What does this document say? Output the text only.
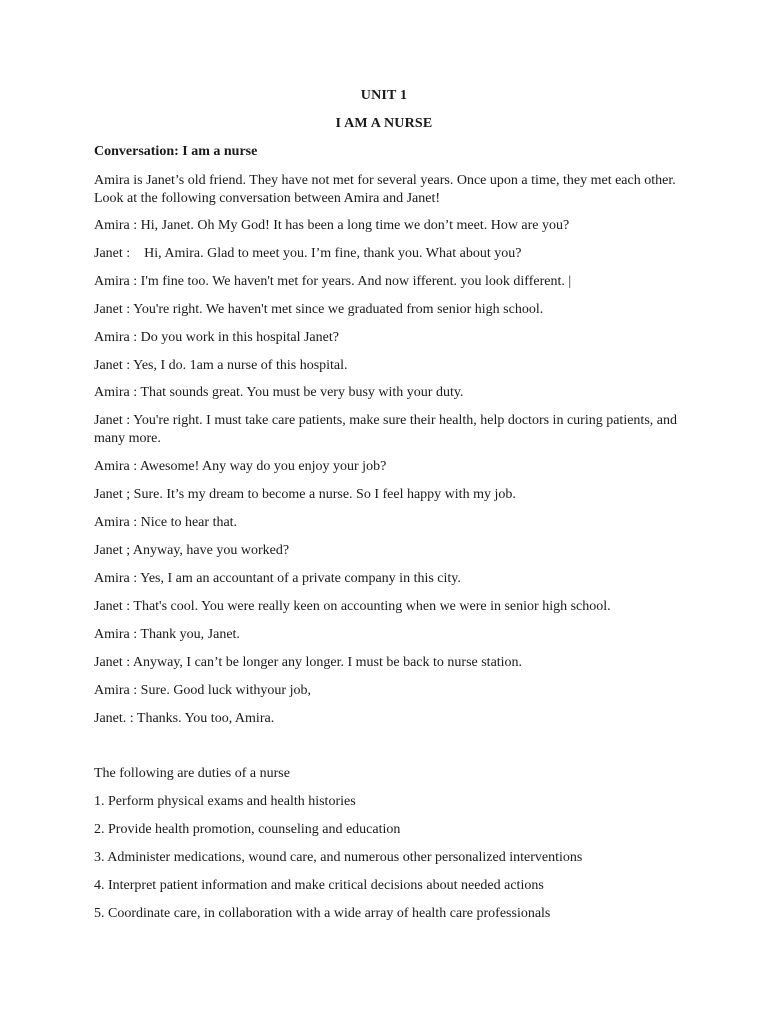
UNIT 1
I AM A NURSE
Conversation: I am a nurse
Amira is Janet’s old friend. They have not met for several years. Once upon a time, they met each other. Look at the following conversation between Amira and Janet!
Amira : Hi, Janet. Oh My God! It has been a long time we don’t meet. How are you?
Janet :    Hi, Amira. Glad to meet you. I’m fine, thank you. What about you?
Amira : I'm fine too. We haven't met for years. And now ifferent. you look different. |
Janet : You're right. We haven't met since we graduated from senior high school.
Amira : Do you work in this hospital Janet?
Janet : Yes, I do. 1am a nurse of this hospital.
Amira : That sounds great. You must be very busy with your duty.
Janet : You're right. I must take care patients, make sure their health, help doctors in curing patients, and many more.
Amira : Awesome! Any way do you enjoy your job?
Janet ; Sure. It’s my dream to become a nurse. So I feel happy with my job.
Amira : Nice to hear that.
Janet ; Anyway, have you worked?
Amira : Yes, I am an accountant of a private company in this city.
Janet : That's cool. You were really keen on accounting when we were in senior high school.
Amira : Thank you, Janet.
Janet : Anyway, I can’t be longer any longer. I must be back to nurse station.
Amira : Sure. Good luck withyour job,
Janet. : Thanks. You too, Amira.
The following are duties of a nurse
1. Perform physical exams and health histories
2. Provide health promotion, counseling and education
3. Administer medications, wound care, and numerous other personalized interventions
4. Interpret patient information and make critical decisions about needed actions
5. Coordinate care, in collaboration with a wide array of health care professionals
